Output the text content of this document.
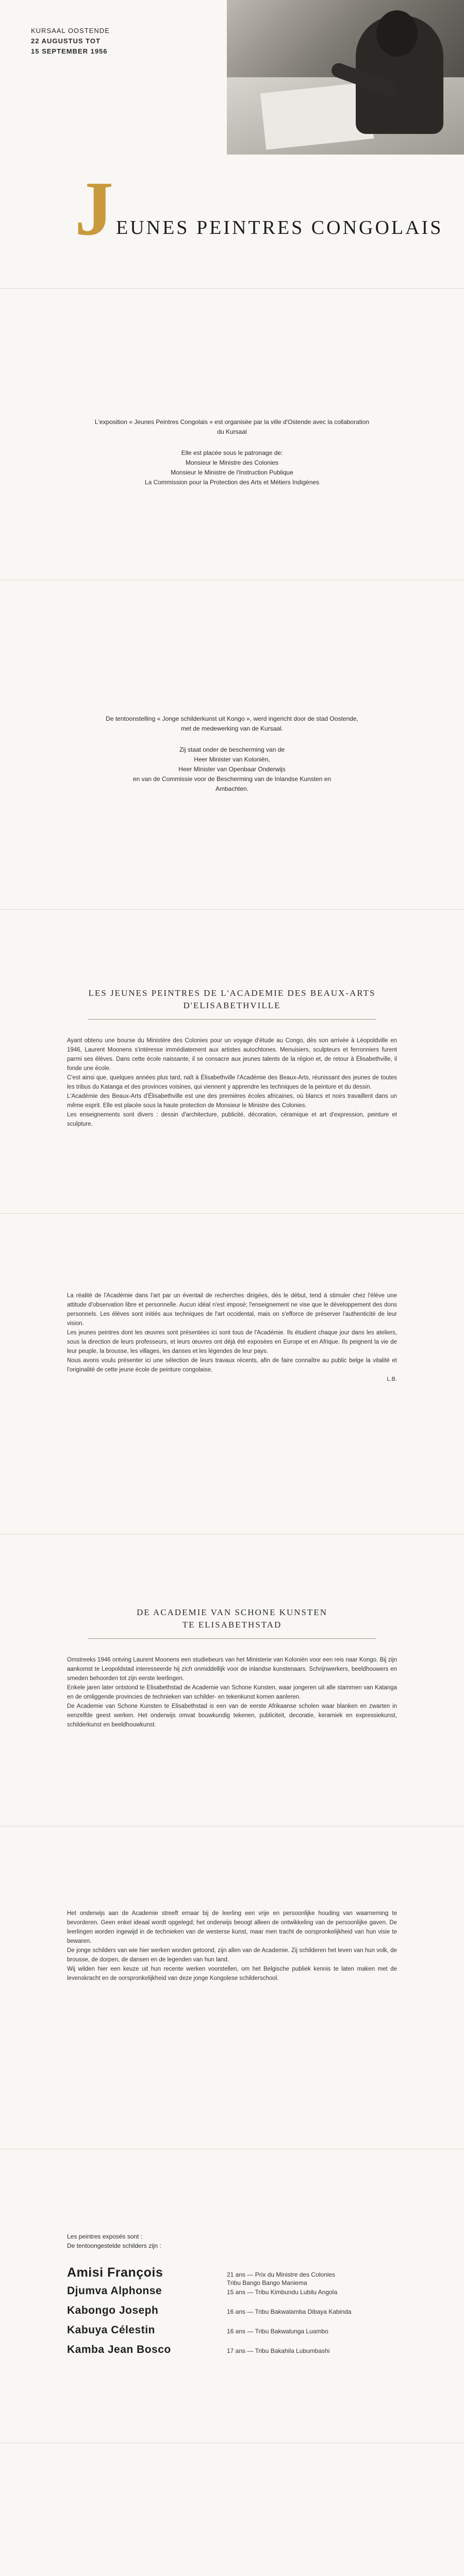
KURSAAL OOSTENDE
22 AUGUSTUS TOT
15 SEPTEMBER 1956
J EUNES PEINTRES CONGOLAIS

L'exposition « Jeunes Peintres Congolais » est organisée par la ville d'Ostende avec la collaboration

du Kursaal

Elle est placée sous le patronage de:

Monsieur le Ministre des Colonies

Monsieur le Ministre de l'Instruction Publique

La Commission pour la Protection des Arts et Métiers Indigènes

De tentoonstelling « Jonge schilderkunst uit Kongo », werd ingericht door de stad Oostende,

met de medewerking van de Kursaal.

Zij staat onder de bescherming van de

Heer Minister van Koloniën,

Heer Minister van Openbaar Onderwijs

en van de Commissie voor de Bescherming van de Inlandse Kunsten en

Ambachten.

LES JEUNES PEINTRES DE L'ACADEMIE DES BEAUX-ARTS

D'ELISABETHVILLE

Ayant obtenu une bourse du Ministère des Colonies pour un voyage d'étude au Congo, dès son arrivée à Léopoldville en 1946, Laurent Moonens s'intéresse immédiatement aux artistes autochtones. Menuisiers, sculpteurs et ferronniers furent parmi ses élèves. Dans cette école naissante, il se consacre aux jeunes talents de la région et, de retour à Élisabethville, il fonde une école.

C'est ainsi que, quelques années plus tard, naît à Élisabethville l'Académie des Beaux-Arts, réunissant des jeunes de toutes les tribus du Katanga et des provinces voisines, qui viennent y apprendre les techniques de la peinture et du dessin.

L'Académie des Beaux-Arts d'Élisabethville est une des premières écoles africaines, où blancs et noirs travaillent dans un même esprit. Elle est placée sous la haute protection de Monsieur le Ministre des Colonies.

Les enseignements sont divers : dessin d'architecture, publicité, décoration, céramique et art d'expression, peinture et sculpture.

La réalité de l'Académie dans l'art par un éventail de recherches dirigées, dès le début, tend à stimuler chez l'élève une attitude d'observation libre et personnelle. Aucun idéal n'est imposé; l'enseignement ne vise que le développement des dons personnels. Les élèves sont initiés aux techniques de l'art occidental, mais on s'efforce de préserver l'authenticité de leur vision.

Les jeunes peintres dont les œuvres sont présentées ici sont tous de l'Académie. Ils étudient chaque jour dans les ateliers, sous la direction de leurs professeurs, et leurs œuvres ont déjà été exposées en Europe et en Afrique. Ils peignent la vie de leur peuple, la brousse, les villages, les danses et les légendes de leur pays.

Nous avons voulu présenter ici une sélection de leurs travaux récents, afin de faire connaître au public belge la vitalité et l'originalité de cette jeune école de peinture congolaise.

L.B.

DE ACADEMIE VAN SCHONE KUNSTEN

TE ELISABETHSTAD

Omstreeks 1946 ontving Laurent Moonens een studiebeurs van het Ministerie van Koloniën voor een reis naar Kongo. Bij zijn aankomst te Leopoldstad interesseerde hij zich onmiddellijk voor de inlandse kunstenaars. Schrijnwerkers, beeldhouwers en smeden behoorden tot zijn eerste leerlingen.

Enkele jaren later ontstond te Elisabethstad de Academie van Schone Kunsten, waar jongeren uit alle stammen van Katanga en de omliggende provincies de technieken van schilder- en tekenkunst komen aanleren.

De Academie van Schone Kunsten te Elisabethstad is een van de eerste Afrikaanse scholen waar blanken en zwarten in eenzelfde geest werken. Het onderwijs omvat bouwkundig tekenen, publiciteit, decoratie, keramiek en expressiekunst, schilderkunst en beeldhouwkunst.

Het onderwijs aan de Academie streeft ernaar bij de leerling een vrije en persoonlijke houding van waarneming te bevorderen. Geen enkel ideaal wordt opgelegd; het onderwijs beoogt alleen de ontwikkeling van de persoonlijke gaven. De leerlingen worden ingewijd in de technieken van de westerse kunst, maar men tracht de oorspronkelijkheid van hun visie te bewaren.

De jonge schilders van wie hier werken worden getoond, zijn allen van de Academie. Zij schilderen het leven van hun volk, de brousse, de dorpen, de dansen en de legenden van hun land.

Wij wilden hier een keuze uit hun recente werken voorstellen, om het Belgische publiek kennis te laten maken met de levenskracht en de oorspronkelijkheid van deze jonge Kongolese schilderschool.

Les peintres exposés sont :

De tentoongestelde schilders zijn :

Amisi François	21 ans — Prix du Ministre des Colonies
Tribu Bango Bango Maniema
Djumva Alphonse	15 ans — Tribu Kimbundu Lubilu Angola
Kabongo Joseph	16 ans — Tribu Bakwalamba Dibaya Kabinda
Kabuya Célestin	16 ans — Tribu Bakwalunga Luambo
Kamba Jean Bosco	17 ans — Tribu Bakahila Lubumbashi
